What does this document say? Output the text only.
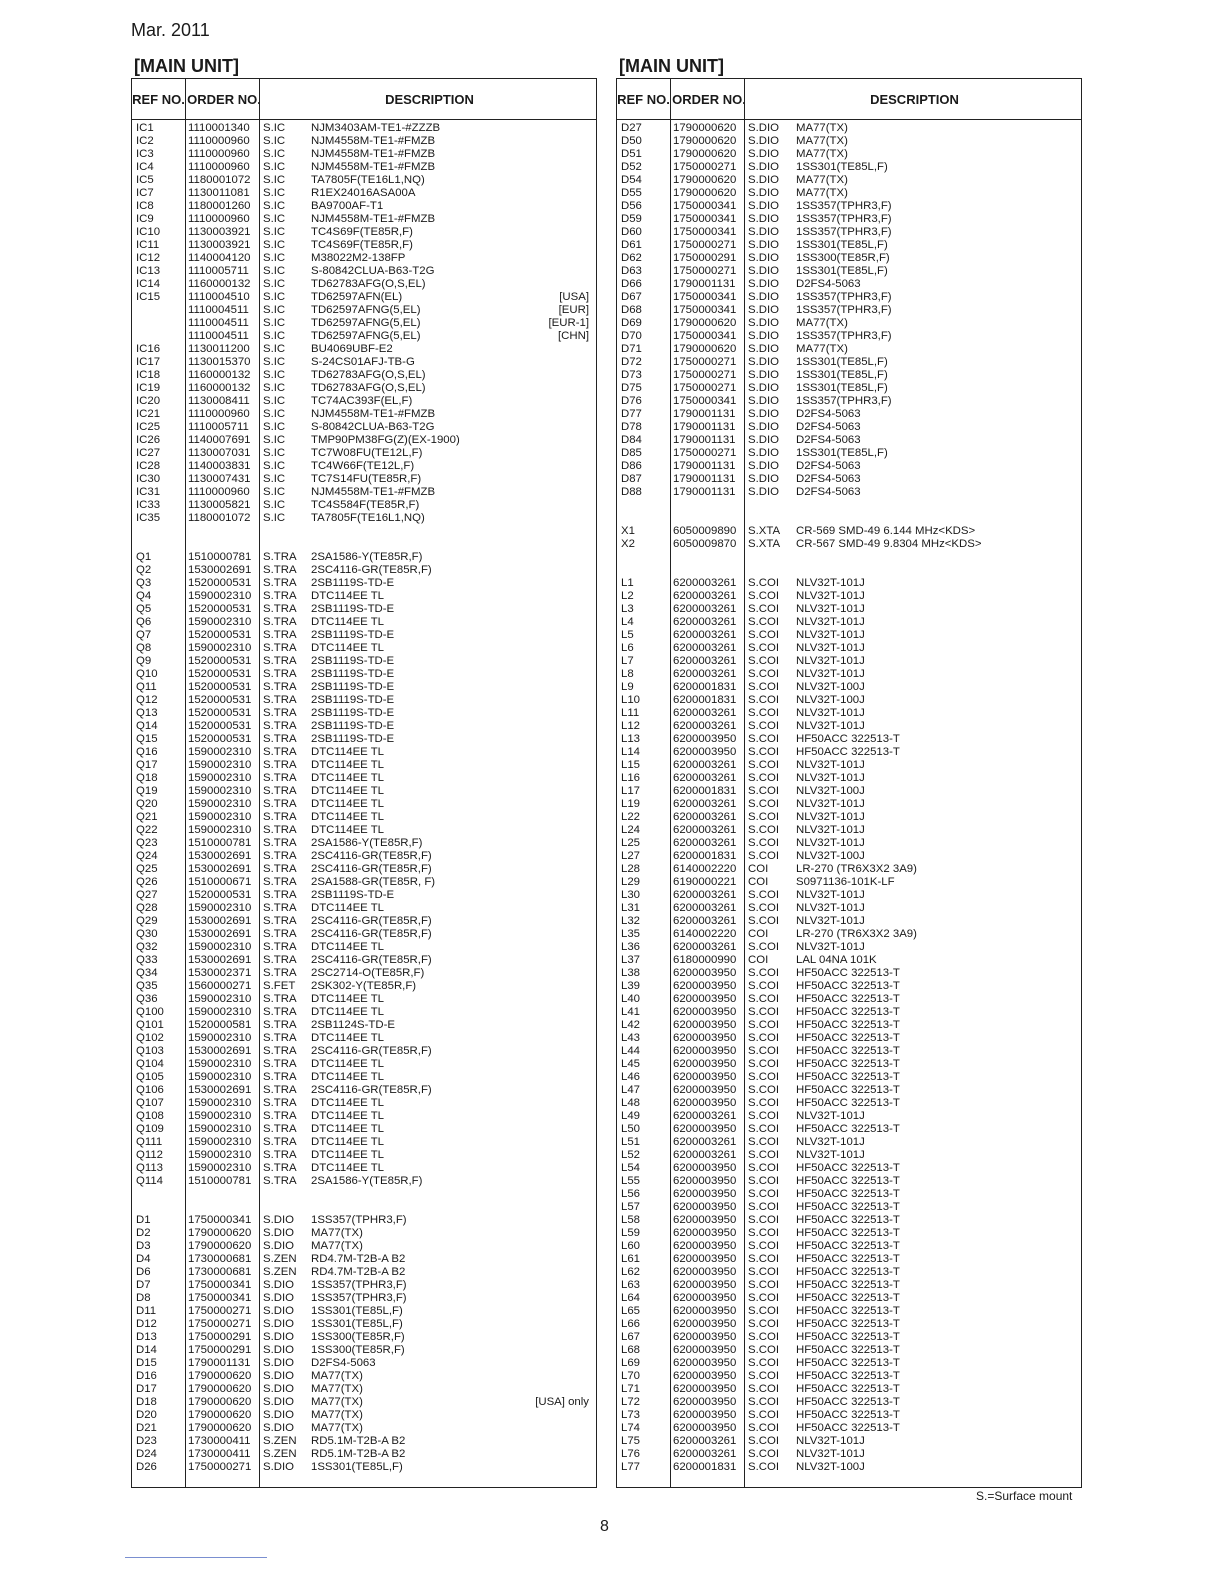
Mar. 2011
[MAIN UNIT]
REF NO. ORDER NO.	DESCRIPTION
IC1	1110001340 S.IC NJM3403AM-TE1-#ZZZB
IC2	1110000960 S.IC NJM4558M-TE1-#FMZB
IC3	1110000960 S.IC NJM4558M-TE1-#FMZB
IC4	1110000960 S.IC NJM4558M-TE1-#FMZB
IC5	1180001072 S.IC TA7805F(TE16L1,NQ)
IC7	1130011081 S.IC R1EX24016ASA00A
IC8	1180001260 S.IC BA9700AF-T1
IC9	1110000960 S.IC NJM4558M-TE1-#FMZB
IC10 1130003921 S.IC TC4S69F(TE85R,F)
IC11	1130003921 S.IC TC4S69F(TE85R,F)
IC12 1140004120 S.IC M38022M2-138FP
IC13 1110005711 S.IC S-80842CLUA-B63-T2G
IC14 1160000132 S.IC TD62783AFG(O,S,EL)
IC15 1110004510 S.IC TD62597AFN(EL)	[USA]
1110004511 S.IC TD62597AFNG(5,EL)	[EUR]
1110004511 S.IC TD62597AFNG(5,EL)	[EUR-1]
1110004511 S.IC TD62597AFNG(5,EL)	[CHN]
IC16 1130011200 S.IC BU4069UBF-E2
IC17 1130015370 S.IC S-24CS01AFJ-TB-G
IC18 1160000132 S.IC TD62783AFG(O,S,EL)
IC19 1160000132 S.IC TD62783AFG(O,S,EL)
IC20 1130008411 S.IC TC74AC393F(EL,F)
IC21 1110000960 S.IC NJM4558M-TE1-#FMZB
IC25 1110005711 S.IC S-80842CLUA-B63-T2G
IC26 1140007691 S.IC TMP90PM38FG(Z)(EX-1900)
IC27 1130007031 S.IC TC7W08FU(TE12L,F)
IC28 1140003831 S.IC TC4W66F(TE12L,F)
IC30 1130007431 S.IC TC7S14FU(TE85R,F)
IC31 1110000960 S.IC NJM4558M-TE1-#FMZB
IC33 1130005821 S.IC TC4S584F(TE85R,F)
IC35 1180001072 S.IC TA7805F(TE16L1,NQ)
Q1	1510000781 S.TRA 2SA1586-Y(TE85R,F)
Q2	1530002691 S.TRA 2SC4116-GR(TE85R,F)
Q3	1520000531 S.TRA 2SB1119S-TD-E
Q4	1590002310 S.TRA DTC114EE TL
Q5	1520000531 S.TRA 2SB1119S-TD-E
Q6	1590002310 S.TRA DTC114EE TL
Q7	1520000531 S.TRA 2SB1119S-TD-E
Q8	1590002310 S.TRA DTC114EE TL
Q9	1520000531 S.TRA 2SB1119S-TD-E
Q10	1520000531 S.TRA 2SB1119S-TD-E
Q11	1520000531 S.TRA 2SB1119S-TD-E
Q12	1520000531 S.TRA 2SB1119S-TD-E
Q13	1520000531 S.TRA 2SB1119S-TD-E
Q14	1520000531 S.TRA 2SB1119S-TD-E
Q15	1520000531 S.TRA 2SB1119S-TD-E
Q16	1590002310 S.TRA DTC114EE TL
Q17	1590002310 S.TRA DTC114EE TL
Q18	1590002310 S.TRA DTC114EE TL
Q19	1590002310 S.TRA DTC114EE TL
Q20	1590002310 S.TRA DTC114EE TL
Q21	1590002310 S.TRA DTC114EE TL
Q22	1590002310 S.TRA DTC114EE TL
Q23	1510000781 S.TRA 2SA1586-Y(TE85R,F)
Q24	1530002691 S.TRA 2SC4116-GR(TE85R,F)
Q25	1530002691 S.TRA 2SC4116-GR(TE85R,F)
Q26	1510000671 S.TRA 2SA1588-GR(TE85R, F)
Q27	1520000531 S.TRA 2SB1119S-TD-E
Q28	1590002310 S.TRA DTC114EE TL
Q29	1530002691 S.TRA 2SC4116-GR(TE85R,F)
Q30	1530002691 S.TRA 2SC4116-GR(TE85R,F)
Q32	1590002310 S.TRA DTC114EE TL
Q33	1530002691 S.TRA 2SC4116-GR(TE85R,F)
Q34	1530002371 S.TRA 2SC2714-O(TE85R,F)
Q35	1560000271 S.FET 2SK302-Y(TE85R,F)
Q36	1590002310 S.TRA DTC114EE TL
Q100 1590002310 S.TRA DTC114EE TL
Q101 1520000581 S.TRA 2SB1124S-TD-E
Q102 1590002310 S.TRA DTC114EE TL
Q103 1530002691 S.TRA 2SC4116-GR(TE85R,F)
Q104 1590002310 S.TRA DTC114EE TL
Q105 1590002310 S.TRA DTC114EE TL
Q106 1530002691 S.TRA 2SC4116-GR(TE85R,F)
Q107 1590002310 S.TRA DTC114EE TL
Q108 1590002310 S.TRA DTC114EE TL
Q109 1590002310 S.TRA DTC114EE TL
Q111 1590002310 S.TRA DTC114EE TL
Q112 1590002310 S.TRA DTC114EE TL
Q113 1590002310 S.TRA DTC114EE TL
Q114 1510000781 S.TRA 2SA1586-Y(TE85R,F)
D1	1750000341 S.DIO 1SS357(TPHR3,F)
D2	1790000620 S.DIO MA77(TX)
D3	1790000620 S.DIO MA77(TX)
D4	1730000681 S.ZEN RD4.7M-T2B-A B2
D6	1730000681 S.ZEN RD4.7M-T2B-A B2
D7	1750000341 S.DIO 1SS357(TPHR3,F)
D8	1750000341 S.DIO 1SS357(TPHR3,F)
D11	1750000271 S.DIO 1SS301(TE85L,F)
D12	1750000271 S.DIO 1SS301(TE85L,F)
D13	1750000291 S.DIO 1SS300(TE85R,F)
D14	1750000291 S.DIO 1SS300(TE85R,F)
D15	1790001131 S.DIO D2FS4-5063
D16	1790000620 S.DIO MA77(TX)
D17	1790000620 S.DIO MA77(TX)
D18	1790000620 S.DIO MA77(TX)	[USA] only
D20	1790000620 S.DIO MA77(TX)
D21	1790000620 S.DIO MA77(TX)
D23	1730000411 S.ZEN RD5.1M-T2B-A B2
D24	1730000411 S.ZEN RD5.1M-T2B-A B2
D26	1750000271 S.DIO 1SS301(TE85L,F)
[MAIN UNIT]
REF NO. ORDER NO.	DESCRIPTION
D27	1790000620 S.DIO MA77(TX)
D50	1790000620 S.DIO MA77(TX)
D51	1790000620 S.DIO MA77(TX)
D52	1750000271 S.DIO 1SS301(TE85L,F)
D54	1790000620 S.DIO MA77(TX)
D55	1790000620 S.DIO MA77(TX)
D56	1750000341 S.DIO 1SS357(TPHR3,F)
D59	1750000341 S.DIO 1SS357(TPHR3,F)
D60	1750000341 S.DIO 1SS357(TPHR3,F)
D61	1750000271 S.DIO 1SS301(TE85L,F)
D62	1750000291 S.DIO 1SS300(TE85R,F)
D63	1750000271 S.DIO 1SS301(TE85L,F)
D66	1790001131 S.DIO D2FS4-5063
D67	1750000341 S.DIO 1SS357(TPHR3,F)
D68	1750000341 S.DIO 1SS357(TPHR3,F)
D69	1790000620 S.DIO MA77(TX)
D70	1750000341 S.DIO 1SS357(TPHR3,F)
D71	1790000620 S.DIO MA77(TX)
D72	1750000271 S.DIO 1SS301(TE85L,F)
D73	1750000271 S.DIO 1SS301(TE85L,F)
D75	1750000271 S.DIO 1SS301(TE85L,F)
D76	1750000341 S.DIO 1SS357(TPHR3,F)
D77	1790001131 S.DIO D2FS4-5063
D78	1790001131 S.DIO D2FS4-5063
D84	1790001131 S.DIO D2FS4-5063
D85	1750000271 S.DIO 1SS301(TE85L,F)
D86	1790001131 S.DIO D2FS4-5063
D87	1790001131 S.DIO D2FS4-5063
D88	1790001131 S.DIO D2FS4-5063
X1	6050009890 S.XTA CR-569 SMD-49 6.144 MHz<KDS>
X2	6050009870 S.XTA CR-567 SMD-49 9.8304 MHz<KDS>
L1	6200003261 S.COI NLV32T-101J
L2	6200003261 S.COI NLV32T-101J
L3	6200003261 S.COI NLV32T-101J
L4	6200003261 S.COI NLV32T-101J
L5	6200003261 S.COI NLV32T-101J
L6	6200003261 S.COI NLV32T-101J
L7	6200003261 S.COI NLV32T-101J
L8	6200003261 S.COI NLV32T-101J
L9	6200001831 S.COI NLV32T-100J
L10	6200001831 S.COI NLV32T-100J
L11	6200003261 S.COI NLV32T-101J
L12	6200003261 S.COI NLV32T-101J
L13	6200003950 S.COI HF50ACC 322513-T
L14	6200003950 S.COI HF50ACC 322513-T
L15	6200003261 S.COI NLV32T-101J
L16	6200003261 S.COI NLV32T-101J
L17	6200001831 S.COI NLV32T-100J
L19	6200003261 S.COI NLV32T-101J
L22	6200003261 S.COI NLV32T-101J
L24	6200003261 S.COI NLV32T-101J
L25	6200003261 S.COI NLV32T-101J
L27	6200001831 S.COI NLV32T-100J
L28	6140002220 COI LR-270 (TR6X3X2 3A9)
L29	6190000221 COI S0971136-101K-LF
L30	6200003261 S.COI NLV32T-101J
L31	6200003261 S.COI NLV32T-101J
L32	6200003261 S.COI NLV32T-101J
L35	6140002220 COI LR-270 (TR6X3X2 3A9)
L36	6200003261 S.COI NLV32T-101J
L37	6180000990 COI LAL 04NA 101K
L38	6200003950 S.COI HF50ACC 322513-T
L39	6200003950 S.COI HF50ACC 322513-T
L40	6200003950 S.COI HF50ACC 322513-T
L41	6200003950 S.COI HF50ACC 322513-T
L42	6200003950 S.COI HF50ACC 322513-T
L43	6200003950 S.COI HF50ACC 322513-T
L44	6200003950 S.COI HF50ACC 322513-T
L45	6200003950 S.COI HF50ACC 322513-T
L46	6200003950 S.COI HF50ACC 322513-T
L47	6200003950 S.COI HF50ACC 322513-T
L48	6200003950 S.COI HF50ACC 322513-T
L49	6200003261 S.COI NLV32T-101J
L50	6200003950 S.COI HF50ACC 322513-T
L51	6200003261 S.COI NLV32T-101J
L52	6200003261 S.COI NLV32T-101J
L54	6200003950 S.COI HF50ACC 322513-T
L55	6200003950 S.COI HF50ACC 322513-T
L56	6200003950 S.COI HF50ACC 322513-T
L57	6200003950 S.COI HF50ACC 322513-T
L58	6200003950 S.COI HF50ACC 322513-T
L59	6200003950 S.COI HF50ACC 322513-T
L60	6200003950 S.COI HF50ACC 322513-T
L61	6200003950 S.COI HF50ACC 322513-T
L62	6200003950 S.COI HF50ACC 322513-T
L63	6200003950 S.COI HF50ACC 322513-T
L64	6200003950 S.COI HF50ACC 322513-T
L65	6200003950 S.COI HF50ACC 322513-T
L66	6200003950 S.COI HF50ACC 322513-T
L67	6200003950 S.COI HF50ACC 322513-T
L68	6200003950 S.COI HF50ACC 322513-T
L69	6200003950 S.COI HF50ACC 322513-T
L70	6200003950 S.COI HF50ACC 322513-T
L71	6200003950 S.COI HF50ACC 322513-T
L72	6200003950 S.COI HF50ACC 322513-T
L73	6200003950 S.COI HF50ACC 322513-T
L74	6200003950 S.COI HF50ACC 322513-T
L75	6200003261 S.COI NLV32T-101J
L76	6200003261 S.COI NLV32T-101J
L77	6200001831 S.COI NLV32T-100J
S.=Surface mount
8
